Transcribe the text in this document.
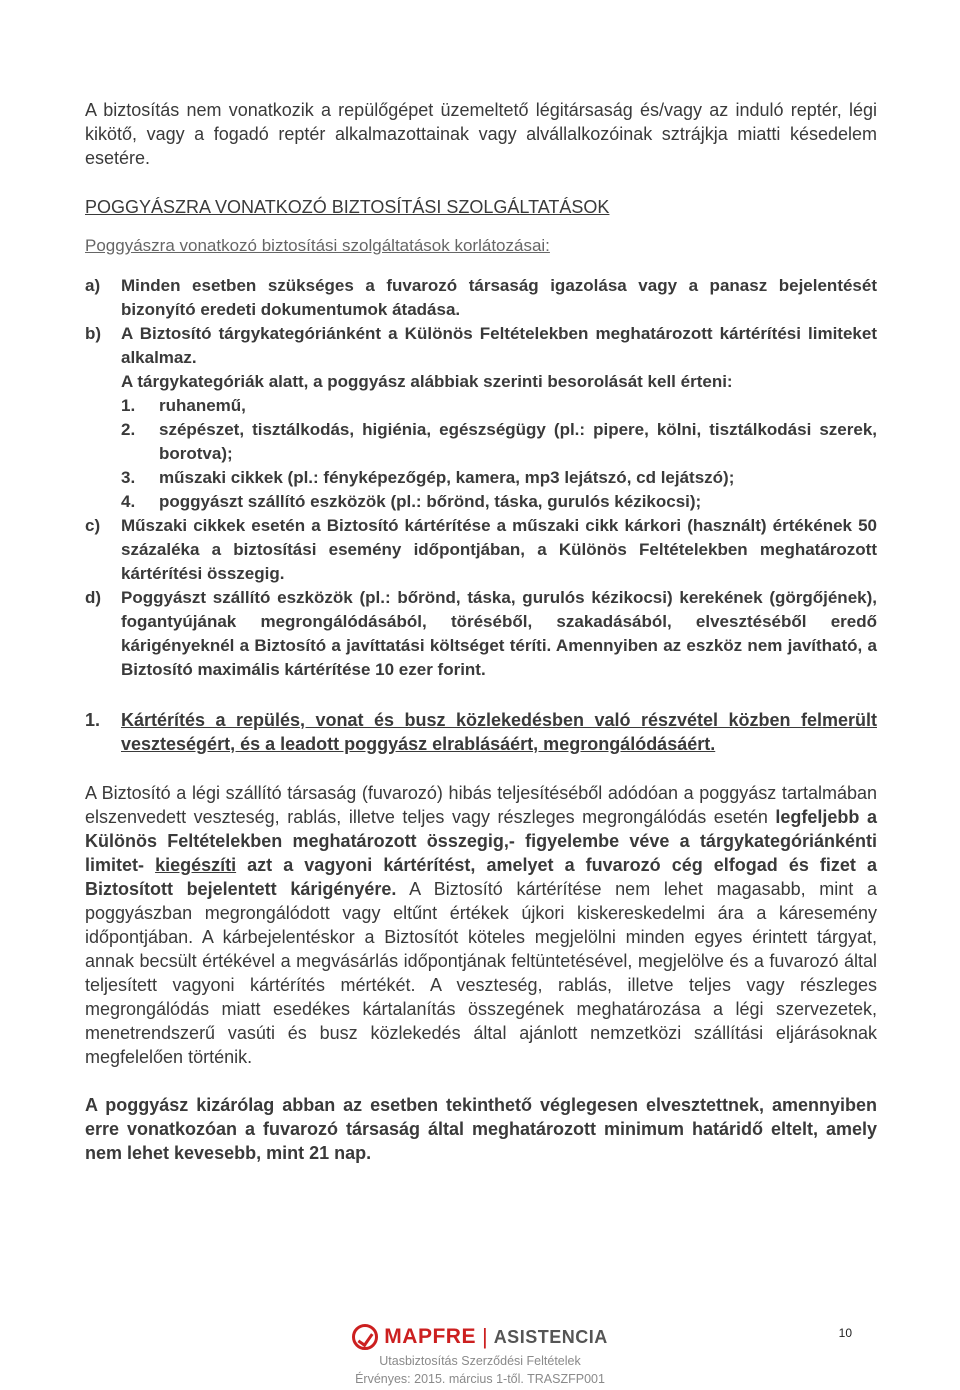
A biztosítás nem vonatkozik a repülőgépet üzemeltető légitársaság és/vagy az induló reptér, légi kikötő, vagy a fogadó reptér alkalmazottainak vagy alvállalkozóinak sztrájkja miatti késedelem esetére.

POGGYÁSZRA VONATKOZÓ BIZTOSÍTÁSI SZOLGÁLTATÁSOK

Poggyászra vonatkozó biztosítási szolgáltatások korlátozásai:

a)	Minden esetben szükséges a fuvarozó társaság igazolása vagy a panasz bejelentését bizonyító eredeti dokumentumok átadása.
b)	A Biztosító tárgykategóriánként a Különös Feltételekben meghatározott kártérítési limiteket alkalmaz.

A tárgykategóriák alatt, a poggyász alábbiak szerinti besorolását kell érteni:

1.	ruhanemű,
2.	szépészet, tisztálkodás, higiénia, egészségügy (pl.: pipere, kölni, tisztálkodási szerek, borotva);
3.	műszaki cikkek (pl.: fényképezőgép, kamera, mp3 lejátszó, cd lejátszó);
4.	poggyászt szállító eszközök (pl.: bőrönd, táska, gurulós kézikocsi);
c)	Műszaki cikkek esetén a Biztosító kártérítése a műszaki cikk kárkori (használt) értékének 50 százaléka a biztosítási esemény időpontjában, a Különös Feltételekben meghatározott kártérítési összegig.
d)	Poggyászt szállító eszközök (pl.: bőrönd, táska, gurulós kézikocsi) kerekének (görgőjének), fogantyújának megrongálódásából, töréséből, szakadásából, elvesztéséből eredő kárigényeknél a Biztosító a javíttatási költséget téríti. Amennyiben az eszköz nem javítható, a Biztosító maximális kártérítése 10 ezer forint.
1.	Kártérítés a repülés, vonat és busz közlekedésben való részvétel közben felmerült veszteségért, és a leadott poggyász elrablásáért, megrongálódásáért.

A Biztosító a légi szállító társaság (fuvarozó) hibás teljesítéséből adódóan a poggyász tartalmában elszenvedett veszteség, rablás, illetve teljes vagy részleges megrongálódás esetén legfeljebb a Különös Feltételekben meghatározott összegig,- figyelembe véve a tárgykategóriánkénti limitet- kiegészíti azt a vagyoni kártérítést, amelyet a fuvarozó cég elfogad és fizet a Biztosított bejelentett kárigényére. A Biztosító kártérítése nem lehet magasabb, mint a poggyászban megrongálódott vagy eltűnt értékek újkori kiskereskedelmi ára a káresemény időpontjában. A kárbejelentéskor a Biztosítót köteles megjelölni minden egyes érintett tárgyat, annak becsült értékével a megvásárlás időpontjának feltüntetésével, megjelölve és a fuvarozó által teljesített vagyoni kártérítés mértékét. A veszteség, rablás, illetve teljes vagy részleges megrongálódás miatt esedékes kártalanítás összegének meghatározása a légi szervezetek, menetrendszerű vasúti és busz közlekedés által ajánlott nemzetközi szállítási eljárásoknak megfelelően történik.

A poggyász kizárólag abban az esetben tekinthető véglegesen elvesztettnek, amennyiben erre vonatkozóan a fuvarozó társaság által meghatározott minimum határidő eltelt, amely nem lehet kevesebb, mint 21 nap.

MAPFRE | ASISTENCIA
Utasbiztosítás Szerződési Feltételek
Érvényes: 2015. március 1-től. TRASZFP001
10
